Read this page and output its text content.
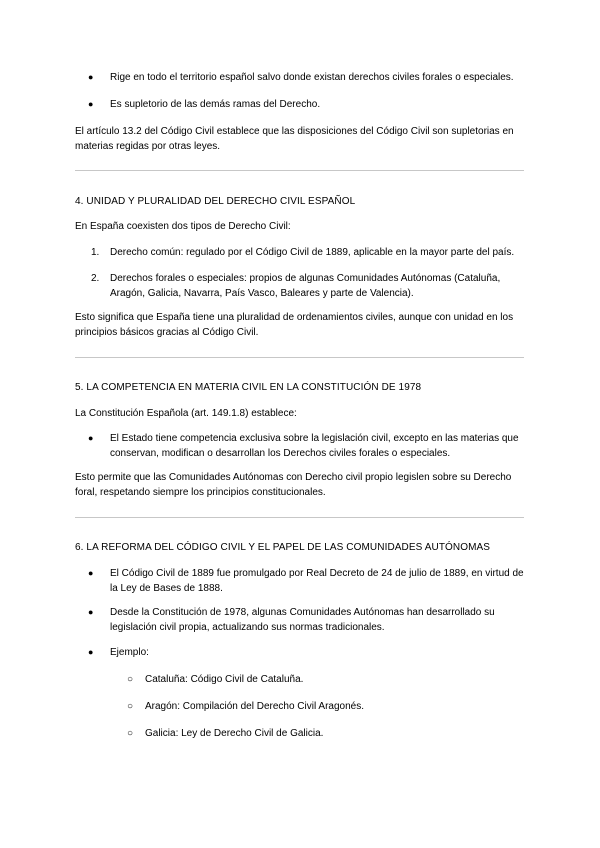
● Rige en todo el territorio español salvo donde existan derechos civiles forales o especiales.
● Es supletorio de las demás ramas del Derecho.

El artículo 13.2 del Código Civil establece que las disposiciones del Código Civil son supletorias en materias regidas por otras leyes.

4. UNIDAD Y PLURALIDAD DEL DERECHO CIVIL ESPAÑOL
En España coexisten dos tipos de Derecho Civil:
1. Derecho común: regulado por el Código Civil de 1889, aplicable en la mayor parte del país.
2. Derechos forales o especiales: propios de algunas Comunidades Autónomas (Cataluña, Aragón, Galicia, Navarra, País Vasco, Baleares y parte de Valencia).

Esto significa que España tiene una pluralidad de ordenamientos civiles, aunque con unidad en los principios básicos gracias al Código Civil.

5. LA COMPETENCIA EN MATERIA CIVIL EN LA CONSTITUCIÓN DE 1978
La Constitución Española (art. 149.1.8) establece:
● El Estado tiene competencia exclusiva sobre la legislación civil, excepto en las materias que conservan, modifican o desarrollan los Derechos civiles forales o especiales.

Esto permite que las Comunidades Autónomas con Derecho civil propio legislen sobre su Derecho foral, respetando siempre los principios constitucionales.

6. LA REFORMA DEL CÓDIGO CIVIL Y EL PAPEL DE LAS COMUNIDADES AUTÓNOMAS
● El Código Civil de 1889 fue promulgado por Real Decreto de 24 de julio de 1889, en virtud de la Ley de Bases de 1888.

● Desde la Constitución de 1978, algunas Comunidades Autónomas han desarrollado su legislación civil propia, actualizando sus normas tradicionales.

● Ejemplo:
○ Cataluña: Código Civil de Cataluña.
○ Aragón: Compilación del Derecho Civil Aragonés.
○ Galicia: Ley de Derecho Civil de Galicia.
